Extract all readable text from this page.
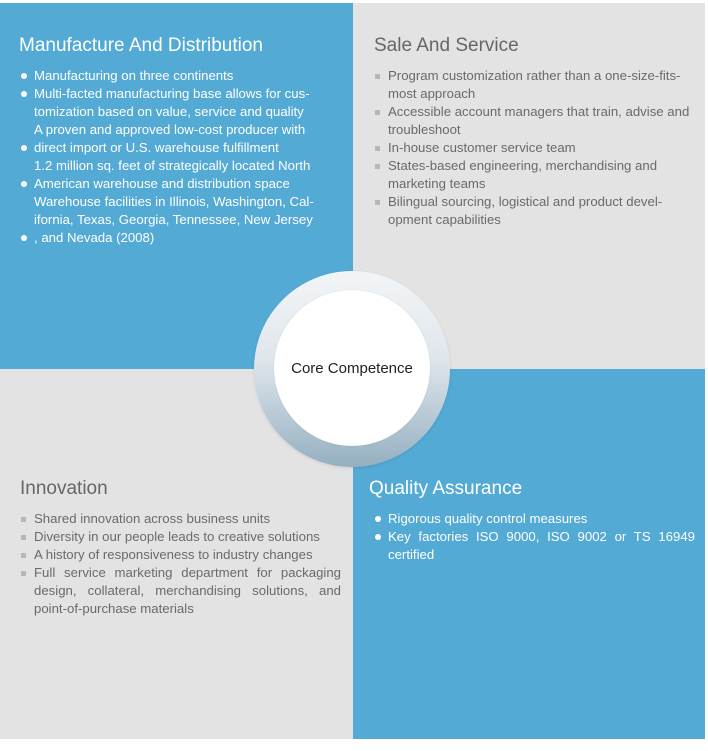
Manufacture And Distribution
Manufacturing on three continents
Multi-facted manufacturing base allows for cus-
tomization based on value, service and quality
A proven and approved low-cost producer with
direct import or U.S. warehouse fulfillment
1.2 million sq. feet of strategically located North
American warehouse and distribution space
Warehouse facilities in Illinois, Washington, Cal-
ifornia, Texas, Georgia, Tennessee, New Jersey
, and Nevada (2008)
Sale And Service
Program customization rather than a one-size-fits-most approach
Accessible account managers that train, advise and troubleshoot
In-house customer service team
States-based engineering, merchandising and marketing teams
Bilingual sourcing, logistical and product devel-opment capabilities
Innovation
Shared innovation across business units
Diversity in our people leads to creative solutions
A history of responsiveness to industry changes
Full service marketing department for packaging design, collateral, merchandising solutions, and point-of-purchase materials
Quality Assurance
Rigorous quality control measures
Key factories ISO 9000, ISO 9002 or TS 16949 certified
Core Competence
